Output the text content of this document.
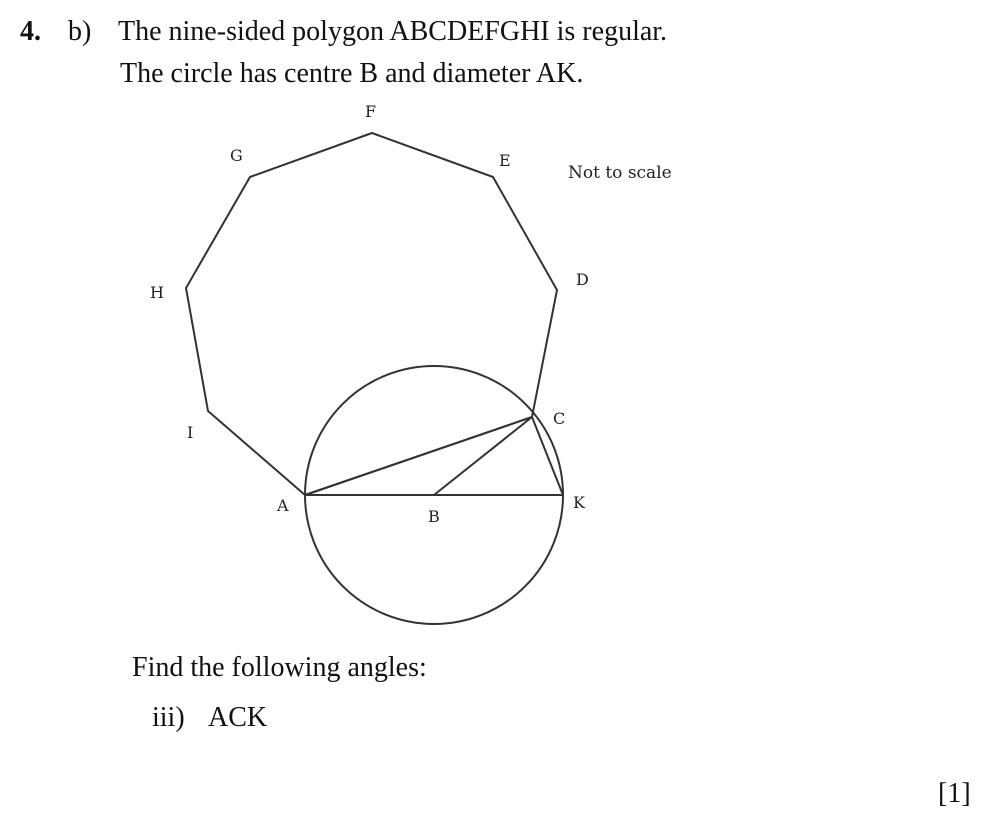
4. b) The nine-sided polygon ABCDEFGHI is regular.
The circle has centre B and diameter AK.
A
B
C
D
E
F
G
H
I
K
Not to scale
Find the following angles:
iii) ACK
[1]
